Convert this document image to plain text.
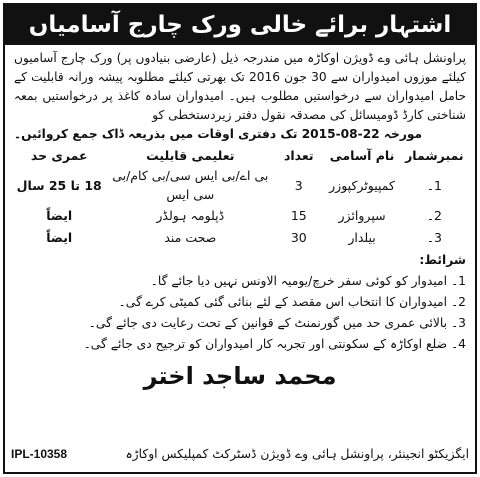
اشتہار برائے خالی ورک چارج آسامیاں

پراونشل ہائی وے ڈویژن اوکاڑہ میں مندرجہ ذیل (عارضی بنیادوں پر) ورک چارج آسامیوں کیلئے موزوں امیدواران سے 30 جون 2016 تک بھرتی کیلئے مطلوبہ پیشہ ورانہ قابلیت کے حامل امیدواران سے درخواستیں مطلوب ہیں۔ امیدواران سادہ کاغذ پر درخواستیں بمعہ شناختی کارڈ ڈومیسائل کی مصدقہ نقول دفتر زیردستخطی کو

مورخہ 22-08-2015 تک دفتری اوقات میں بذریعہ ڈاک جمع کروائیں۔

نمبرشمار	نام آسامی	تعداد	تعلیمی قابلیت	عمری حد
1۔	کمپیوٹرکپوزر	3	بی اے/بی ایس سی/بی کام/بی سی ایس	18 تا 25 سال
2۔	سپروائزر	15	ڈپلومہ ہولڈر	ایضاً
3۔	بیلدار	30	صحت مند	ایضاً

شرائط:

1۔ امیدوار کو کوئی سفر خرچ/یومیہ الاونس نہیں دیا جائے گا۔

2۔ امیدواران کا انتخاب اس مقصد کے لئے بنائی گئی کمیٹی کرے گی۔

3۔ بالائی عمری حد میں گورنمنٹ کے قوانین کے تحت رعایت دی جائے گی۔

4۔ ضلع اوکاڑہ کے سکونتی اور تجربہ کار امیدواران کو ترجیح دی جائے گی۔

محمد ساجد اختر
ایگزیکٹو انجینئر، پراونشل ہائی وے ڈویژن ڈسٹرکٹ کمپلیکس اوکاڑہ
IPL-10358
